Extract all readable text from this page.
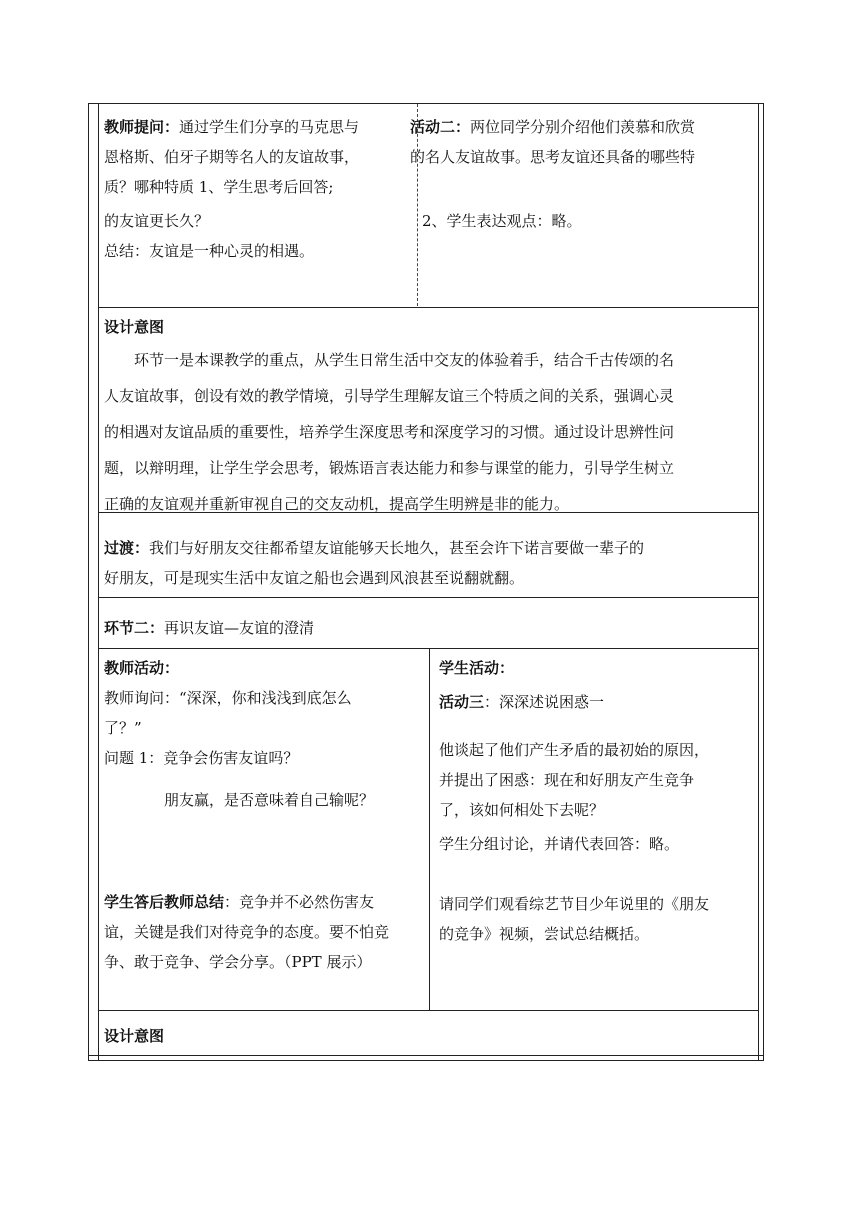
教师提问：通过学生们分享的马克思与

恩格斯、伯牙子期等名人的友谊故事，

质？哪种特质 1、学生思考后回答;

的友谊更长久？

总结：友谊是一种心灵的相遇。

活动二：两位同学分别介绍他们羡慕和欣赏

的名人友谊故事。思考友谊还具备的哪些特

2、学生表达观点：略。

设计意图

环节一是本课教学的重点，从学生日常生活中交友的体验着手，结合千古传颂的名

人友谊故事，创设有效的教学情境，引导学生理解友谊三个特质之间的关系，强调心灵

的相遇对友谊品质的重要性，培养学生深度思考和深度学习的习惯。通过设计思辨性问

题，以辩明理，让学生学会思考，锻炼语言表达能力和参与课堂的能力，引导学生树立

正确的友谊观并重新审视自己的交友动机，提高学生明辨是非的能力。

过渡：我们与好朋友交往都希望友谊能够天长地久，甚至会许下诺言要做一辈子的

好朋友，可是现实生活中友谊之船也会遇到风浪甚至说翻就翻。

环节二：再识友谊—友谊的澄清

教师活动：

教师询问：“深深，你和浅浅到底怎么

了？”

问题 1：竞争会伤害友谊吗？

朋友赢，是否意味着自己输呢？

学生答后教师总结：竞争并不必然伤害友

谊，关键是我们对待竞争的态度。要不怕竞

争、敢于竞争、学会分享。（PPT 展示）

学生活动：

活动三：深深述说困惑一

他谈起了他们产生矛盾的最初始的原因，

并提出了困惑：现在和好朋友产生竞争

了，该如何相处下去呢？

学生分组讨论，并请代表回答：略。

请同学们观看综艺节目少年说里的《朋友

的竞争》视频，尝试总结概括。

设计意图
